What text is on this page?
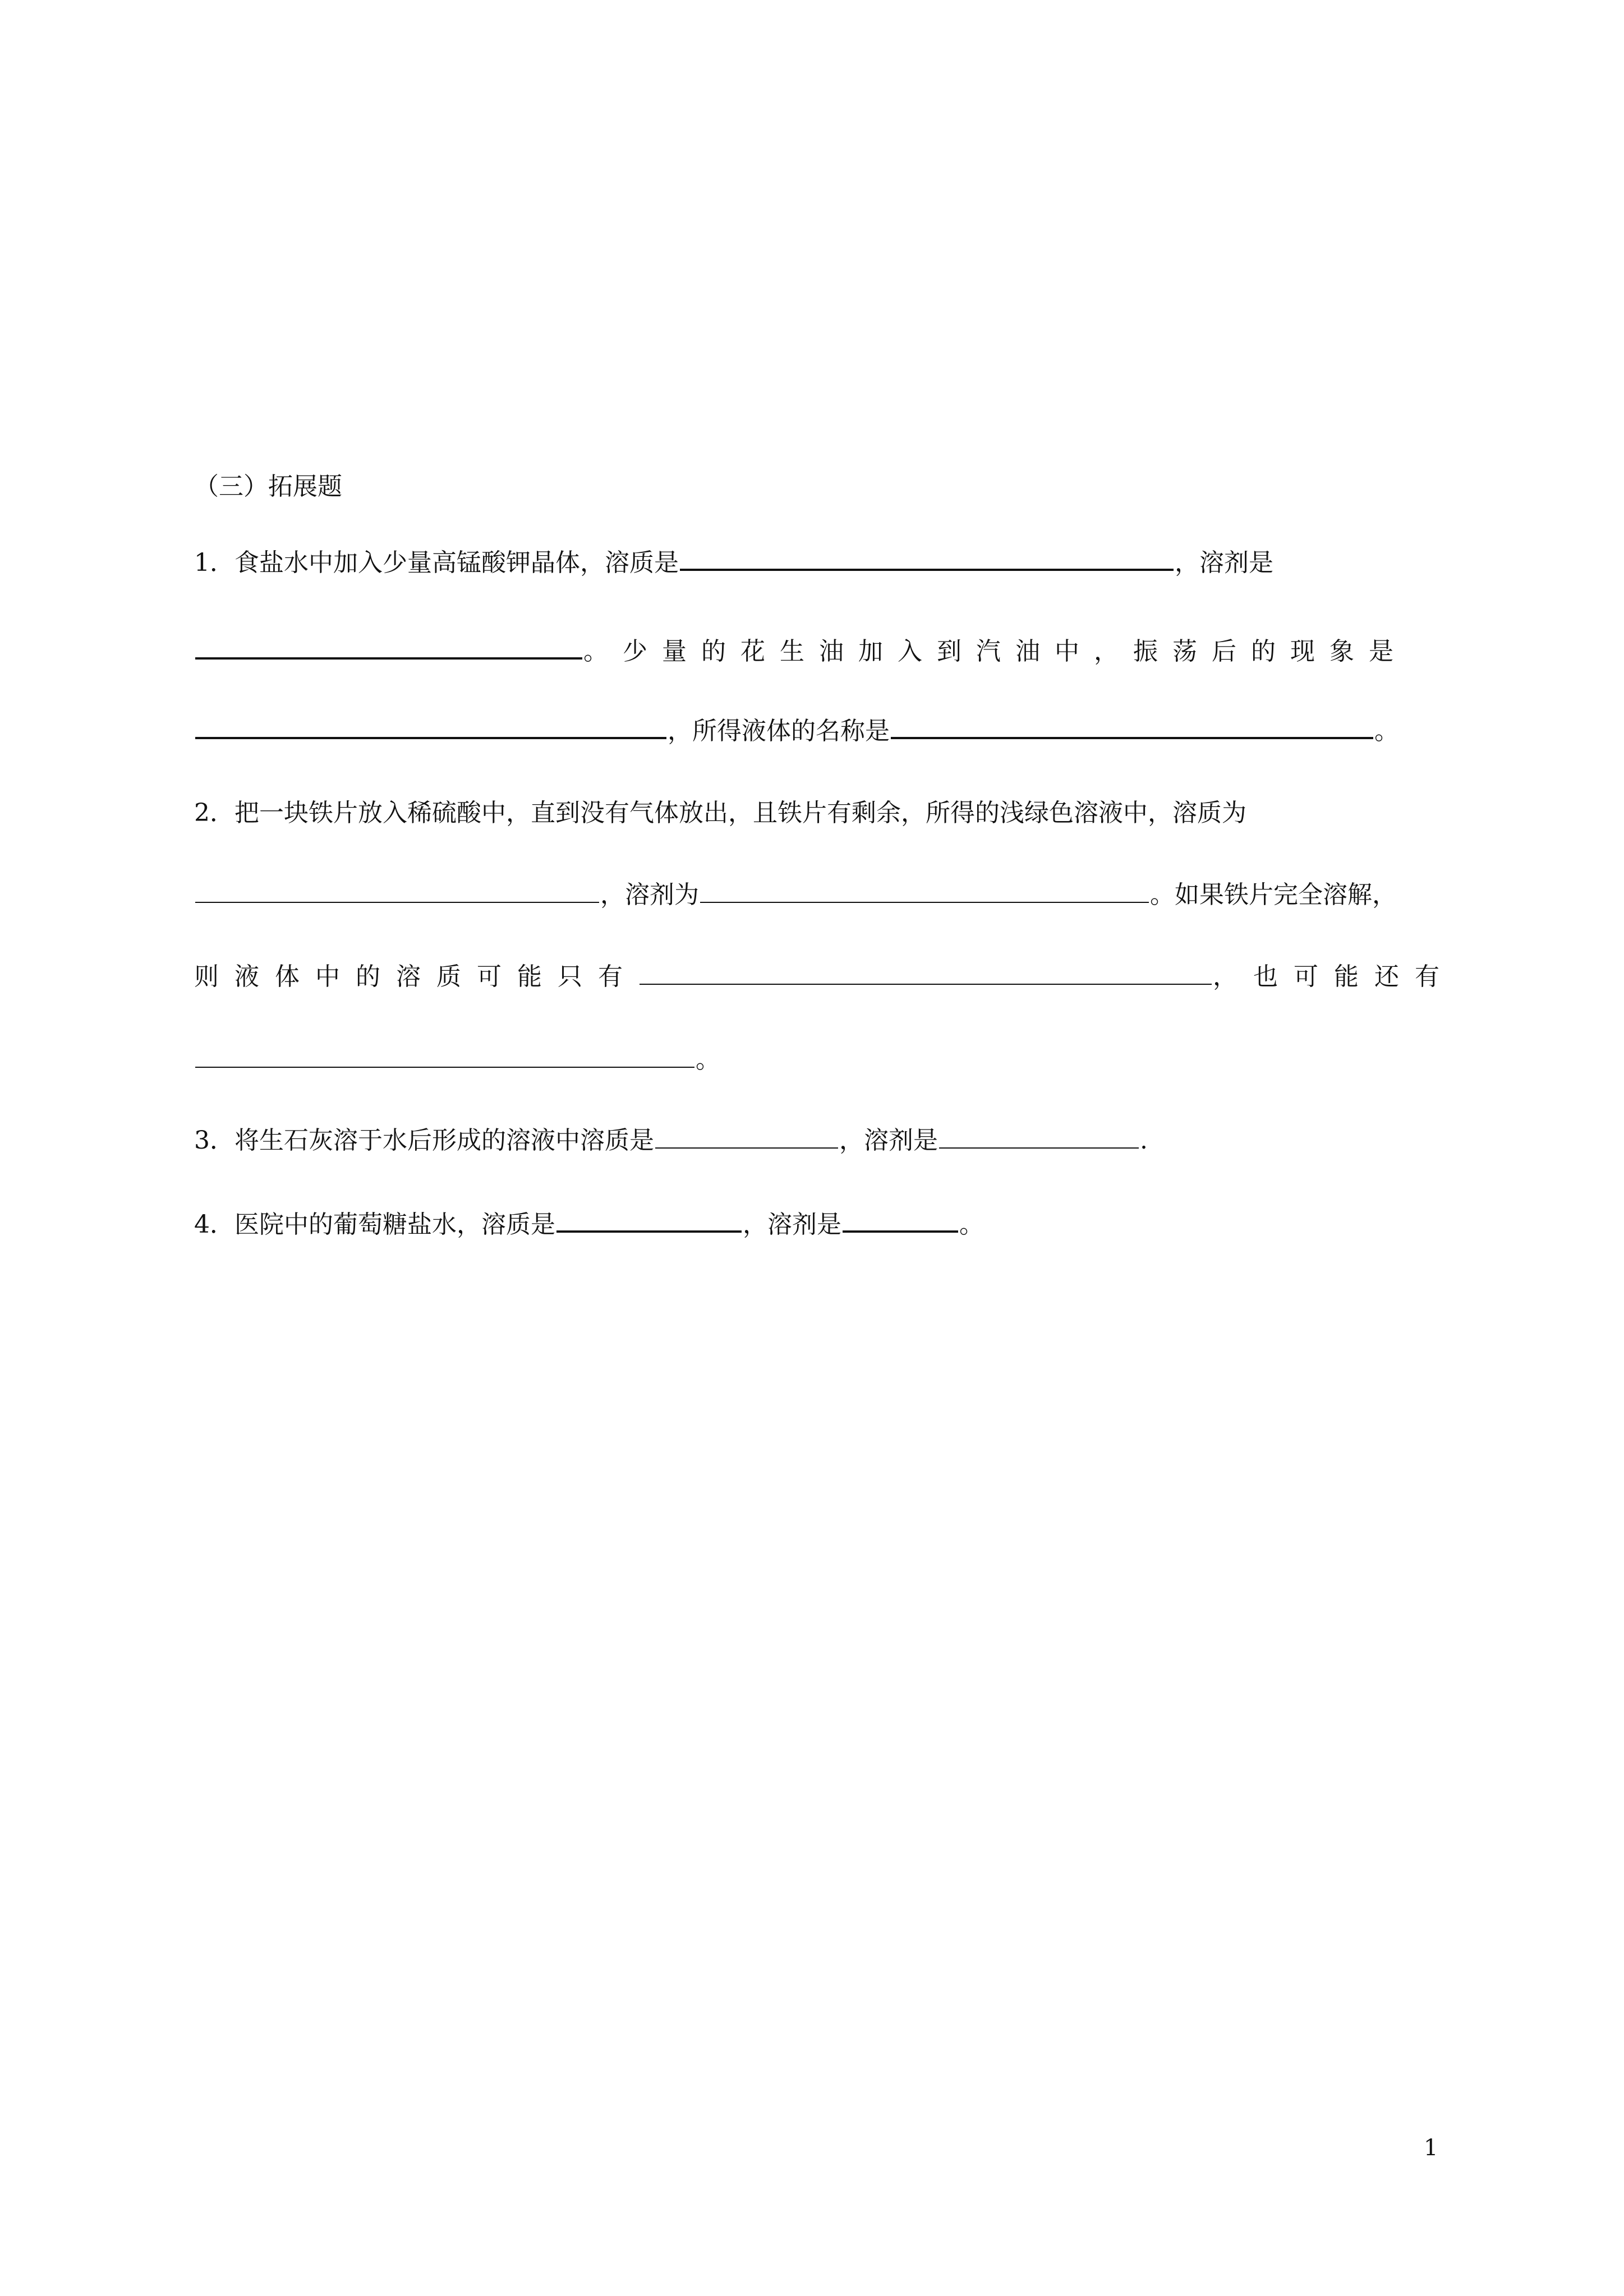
（三）拓展题
1．食盐水中加入少量高锰酸钾晶体，溶质是	，溶剂是
。少量的花生油加入到汽油中，振荡后的现象是
，所得液体的名称是	。
2．把一块铁片放入稀硫酸中，直到没有气体放出，且铁片有剩余，所得的浅绿色溶液中，溶质为
，溶剂为	。如果铁片完全溶解，
则液体中的溶质可能只有	，也可能还有
。
3．将生石灰溶于水后形成的溶液中溶质是	，溶剂是	.
4．医院中的葡萄糖盐水，溶质是	，溶剂是	。
1
